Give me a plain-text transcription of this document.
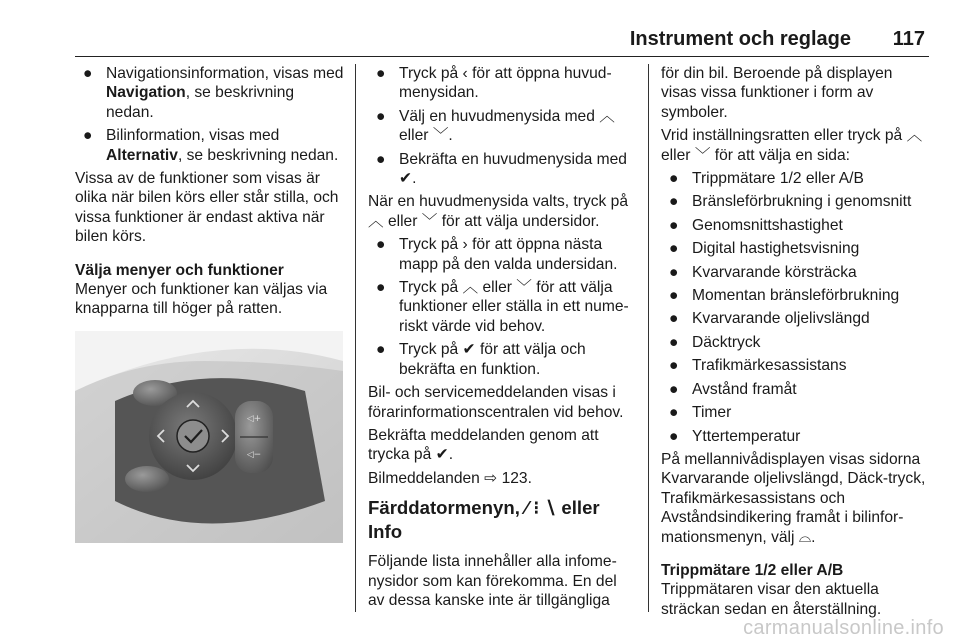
Instrument och reglage 117
● Navigationsinformation, visas med Navigation, se beskrivning nedan.
● Bilinformation, visas med Alternativ, se beskrivning nedan.

Vissa av de funktioner som visas är olika när bilen körs eller står stilla, och vissa funktioner är endast aktiva när bilen körs.

Välja menyer och funktioner

Menyer och funktioner kan väljas via knapparna till höger på ratten.

◁+
◁−
● Tryck på ‹ för att öppna huvud-menysidan.
● Välj en huvudmenysida med ︿ eller ﹀.
● Bekräfta en huvudmenysida med ✔.

När en huvudmenysida valts, tryck på ︿ eller ﹀ för att välja undersidor.

● Tryck på › för att öppna nästa mapp på den valda undersidan.
● Tryck på ︿ eller ﹀ för att välja funktioner eller ställa in ett nume-riskt värde vid behov.
● Tryck på ✔ för att välja och bekräfta en funktion.

Bil- och servicemeddelanden visas i förarinformationscentralen vid behov.

Bekräfta meddelanden genom att trycka på ✔.

Bilmeddelanden ⇨ 123.

Färddatormenyn, ⁄ ⁝ ∖ eller Info

Följande lista innehåller alla infome-nysidor som kan förekomma. En del av dessa kanske inte är tillgängliga

för din bil. Beroende på displayen visas vissa funktioner i form av symboler.

Vrid inställningsratten eller tryck på ︿ eller ﹀ för att välja en sida:

● Trippmätare 1/2 eller A/B
● Bränsleförbrukning i genomsnitt
● Genomsnittshastighet
● Digital hastighetsvisning
● Kvarvarande körsträcka
● Momentan bränsleförbrukning
● Kvarvarande oljelivslängd
● Däcktryck
● Trafikmärkesassistans
● Avstånd framåt
● Timer
● Yttertemperatur

På mellannivådisplayen visas sidorna Kvarvarande oljelivslängd, Däck-tryck, Trafikmärkesassistans och Avståndsindikering framåt i bilinfor-mationsmenyn, välj ⌓.

Trippmätare 1/2 eller A/B

Trippmätaren visar den aktuella sträckan sedan en återställning.

carmanualsonline.info
